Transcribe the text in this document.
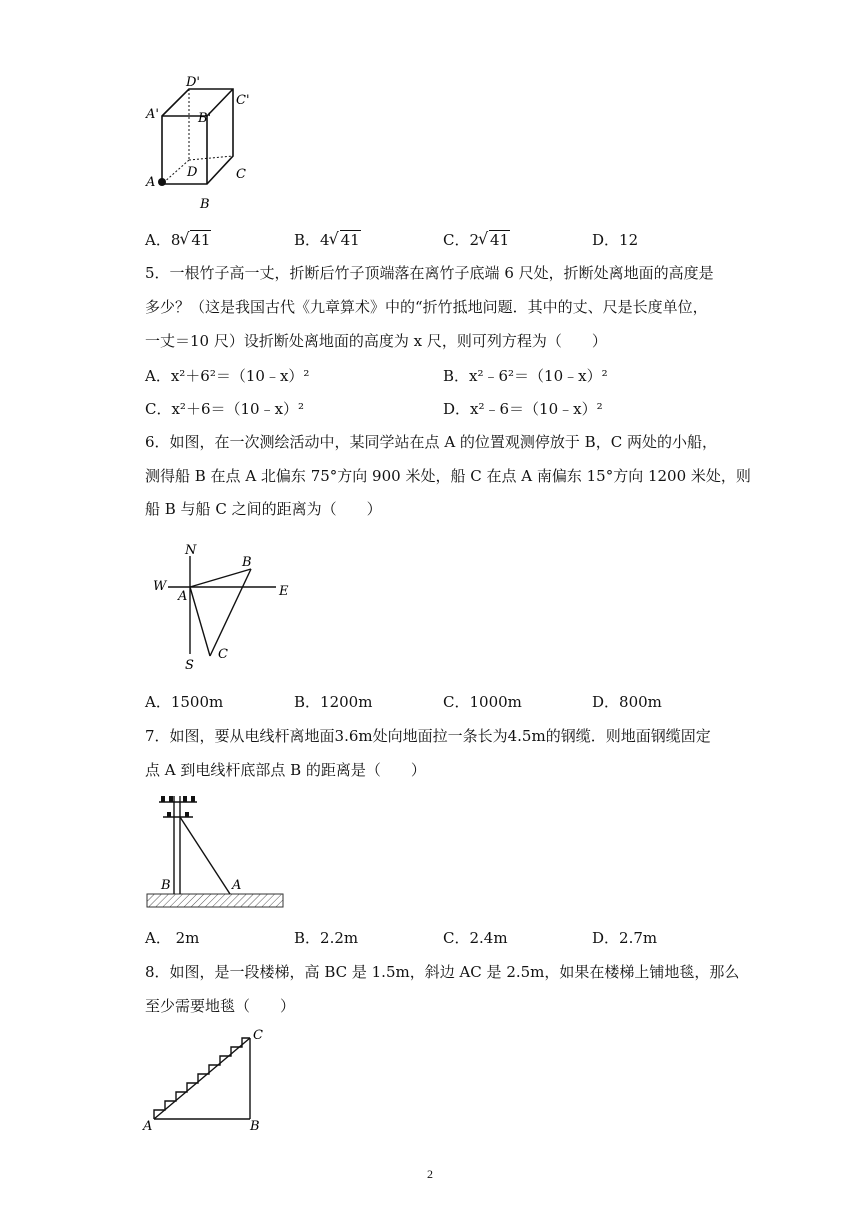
D'
A'
C'
B'
A
D	C
B
A．8 √ 41	B．4 √ 41	C．2 √ 41	D．12
5．一根竹子高一丈，折断后竹子顶端落在离竹子底端 6 尺处，折断处离地面的高度是
多少？（这是我国古代《九章算术》中的“折竹抵地问题．其中的丈、尺是长度单位，
一丈＝10 尺）设折断处离地面的高度为 x 尺，则可列方程为（　　）
A．x²＋6²＝（10﹣x）²	B．x²﹣6²＝（10﹣x）²
C．x²＋6＝（10﹣x）²	D．x²﹣6＝（10﹣x）²
6．如图，在一次测绘活动中，某同学站在点 A 的位置观测停放于 B，C 两处的小船，
测得船 B 在点 A 北偏东 75°方向 900 米处，船 C 在点 A 南偏东 15°方向 1200 米处，则
船 B 与船 C 之间的距离为（　　）
N
B
W
A	E
S
C
A．1500m	B．1200m	C．1000m	D．800m
7．如图，要从电线杆离地面3.6m处向地面拉一条长为4.5m的钢缆．则地面钢缆固定
点 A 到电线杆底部点 B 的距离是（　　）
B	A
A． 2m	B．2.2m	C．2.4m	D．2.7m
8．如图，是一段楼梯，高 BC 是 1.5m，斜边 AC 是 2.5m，如果在楼梯上铺地毯，那么
至少需要地毯（　　）
C
A	B
2
